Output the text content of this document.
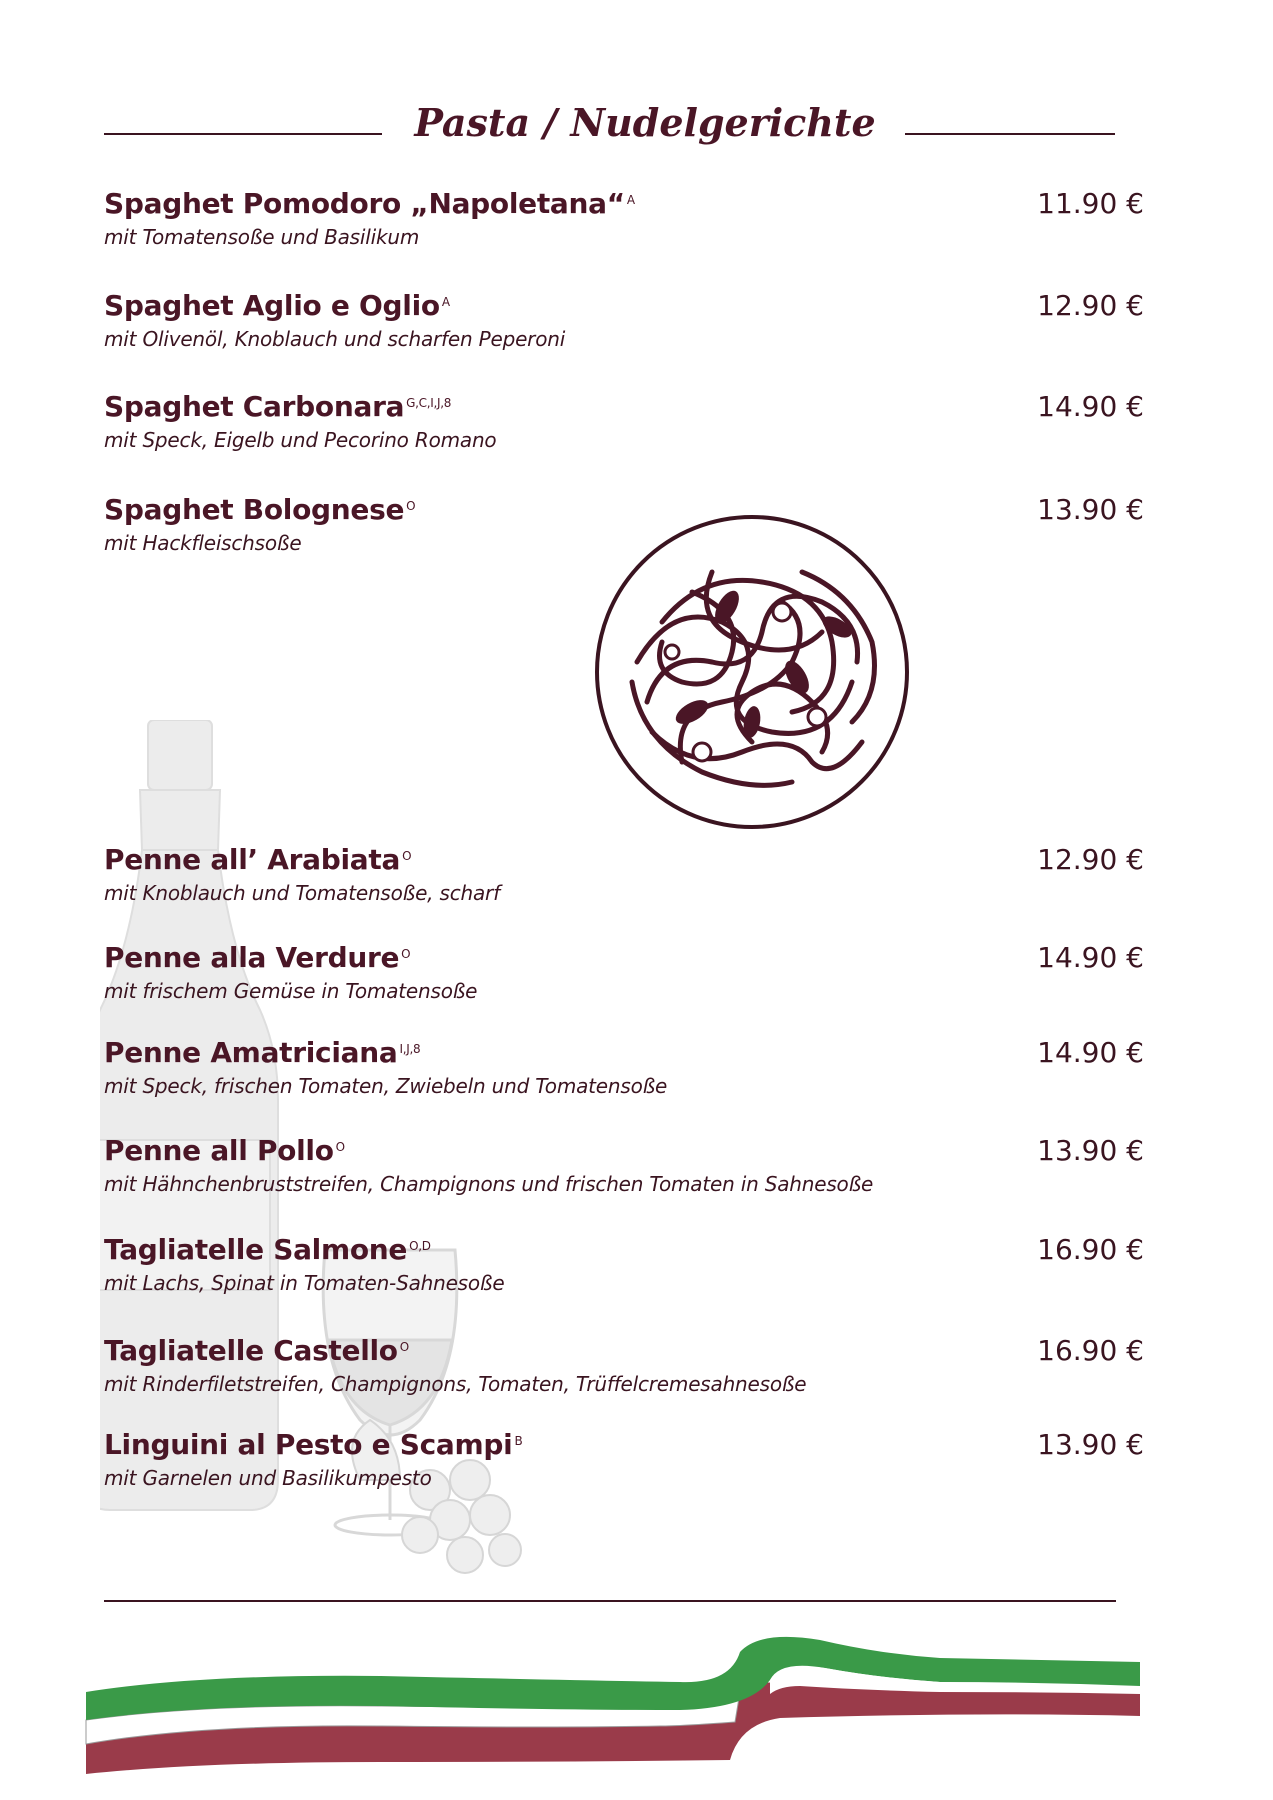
Pasta / Nudelgerichte
Spaghet Pomodoro „Napoletana“ $^A$
mit Tomatensoße und Basilikum
11.90 €
Spaghet Aglio e Oglio $^A$
mit Olivenöl, Knoblauch und scharfen Peperoni
12.90 €
Spaghet Carbonara $^{G,C,I,J,8}$
mit Speck, Eigelb und Pecorino Romano
14.90 €
Spaghet Bolognese $^O$
mit Hackfleischsoße
13.90 €
Penne all’ Arabiata $^O$
mit Knoblauch und Tomatensoße, scharf
12.90 €
Penne alla Verdure $^O$
mit frischem Gemüse in Tomatensoße
14.90 €
Penne Amatriciana $^{I,J,8}$
mit Speck, frischen Tomaten, Zwiebeln und Tomatensoße
14.90 €
Penne all Pollo $^O$
mit Hähnchenbruststreifen, Champignons und frischen Tomaten in Sahnesoße
13.90 €
Tagliatelle Salmone $^{O,D}$
mit Lachs, Spinat in Tomaten-Sahnesoße
16.90 €
Tagliatelle Castello $^O$
mit Rinderfiletstreifen, Champignons, Tomaten, Trüffelcremesahnesoße
16.90 €
Linguini al Pesto e Scampi $^B$
mit Garnelen und Basilikumpesto
13.90 €
